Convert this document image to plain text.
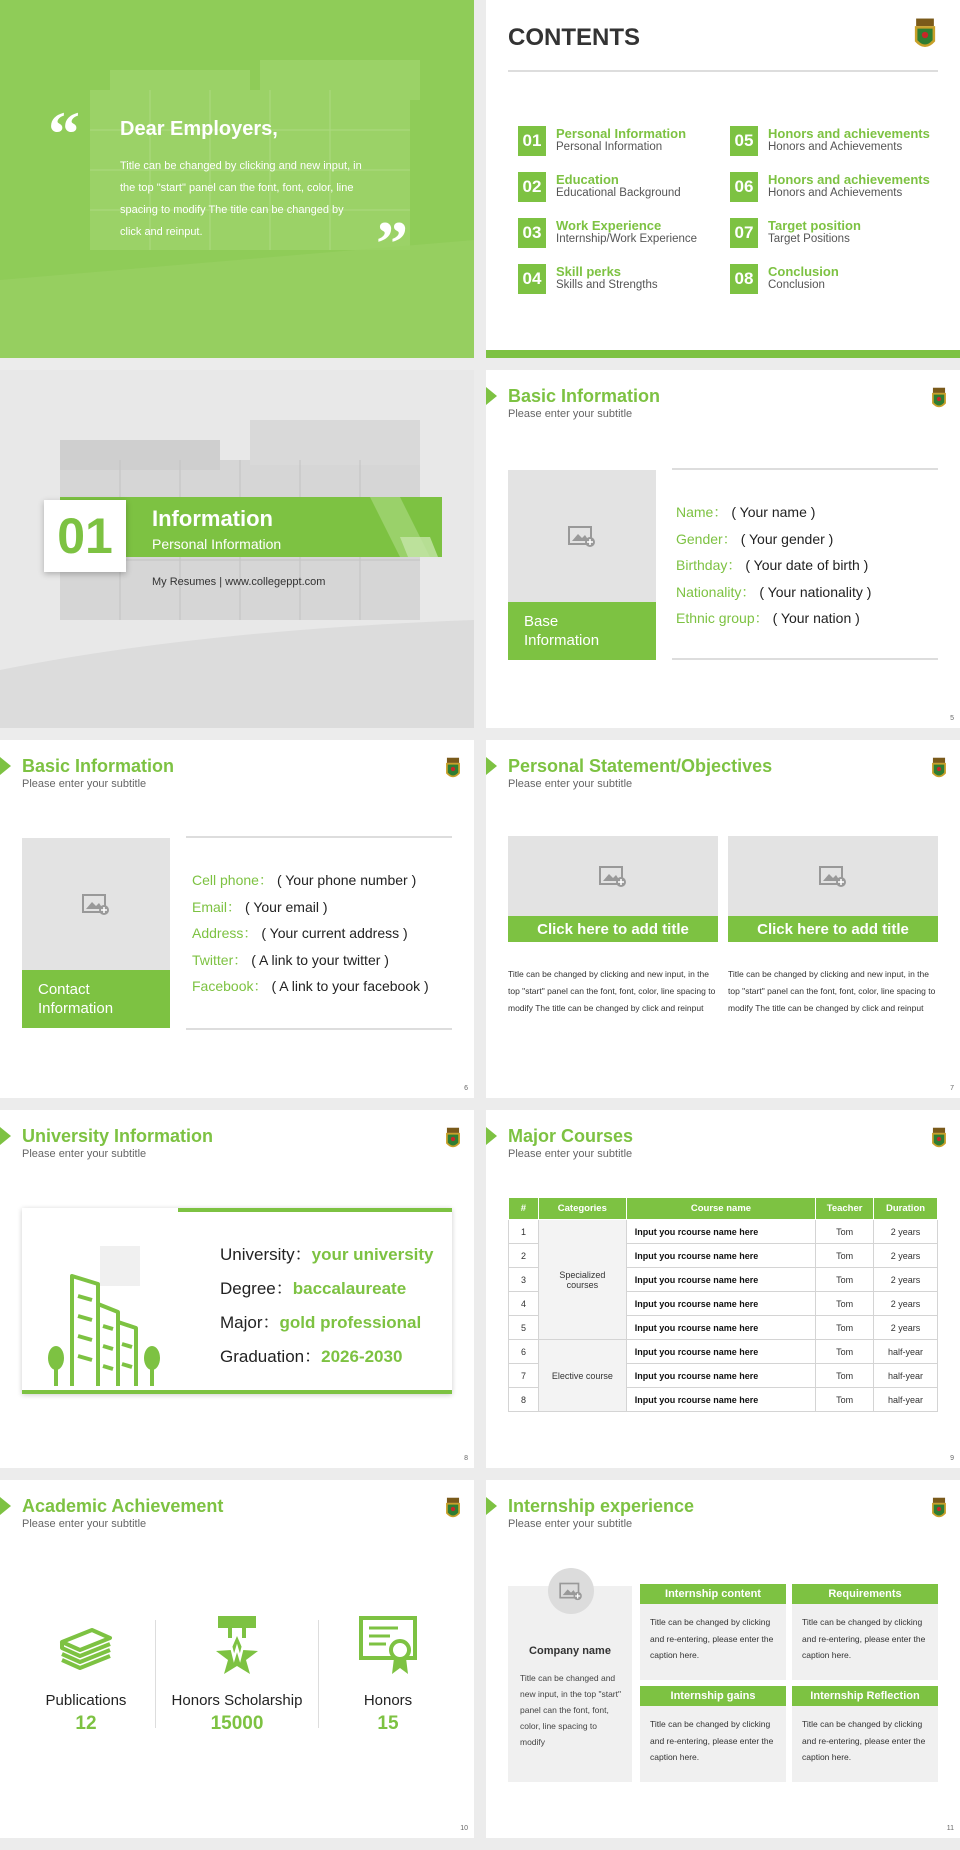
“ Dear Employers,
Title can be changed by clicking and new input, in the top "start" panel can the font, font, color, line spacing to modify The title can be changed by click and reinput.	”
CONTENTS
01	Personal Information
Personal Information
02	Education
Educational Background
03	Work Experience
Internship/Work Experience
04	Skill perks
Skills and Strengths
05	Honors and achievements
Honors and Achievements
06	Honors and achievements
Honors and Achievements
07	Target position
Target Positions
08	Conclusion
Conclusion
01 Information
Personal Information
My Resumes | www.collegeppt.com
Basic Information
Please enter your subtitle
Base
Information
Name： ( Your name )
Gender： ( Your gender )
Birthday： ( Your date of birth )
Nationality： ( Your nationality )
Ethnic group： ( Your nation )
5
Basic Information
Please enter your subtitle
Contact
Information
Cell phone： ( Your phone number )
Email： ( Your email )
Address： ( Your current address )
Twitter： ( A link to your twitter )
Facebook： ( A link to your facebook )
6
Personal Statement/Objectives
Please enter your subtitle
Click here to add title
Title can be changed by clicking and new input, in the top "start" panel can the font, font, color, line spacing to modify The title can be changed by click and reinput
Click here to add title
Title can be changed by clicking and new input, in the top "start" panel can the font, font, color, line spacing to modify The title can be changed by click and reinput
7
University Information
Please enter your subtitle
University：your university
Degree：baccalaureate
Major：gold professional
Graduation：2026-2030
8
Major Courses
Please enter your subtitle
#	Categories	Course name	Teacher	Duration
1	Specialized courses	Input you rcourse name here	Tom	2 years
2		Input you rcourse name here	Tom	2 years
3		Input you rcourse name here	Tom	2 years
4		Input you rcourse name here	Tom	2 years
5		Input you rcourse name here	Tom	2 years
6	Elective course	Input you rcourse name here	Tom	half-year
7		Input you rcourse name here	Tom	half-year
8		Input you rcourse name here	Tom	half-year
9
Academic Achievement
Please enter your subtitle
Publications
12
Honors Scholarship
15000
Honors
15
10
Internship experience
Please enter your subtitle
Company name
Title can be changed and new input, in the top "start" panel can the font, font, color, line spacing to modify
Internship content
Title can be changed by clicking and re-entering, please enter the caption here.
Requirements
Title can be changed by clicking and re-entering, please enter the caption here.
Internship gains
Title can be changed by clicking and re-entering, please enter the caption here.
Internship Reflection
Title can be changed by clicking and re-entering, please enter the caption here.
11
